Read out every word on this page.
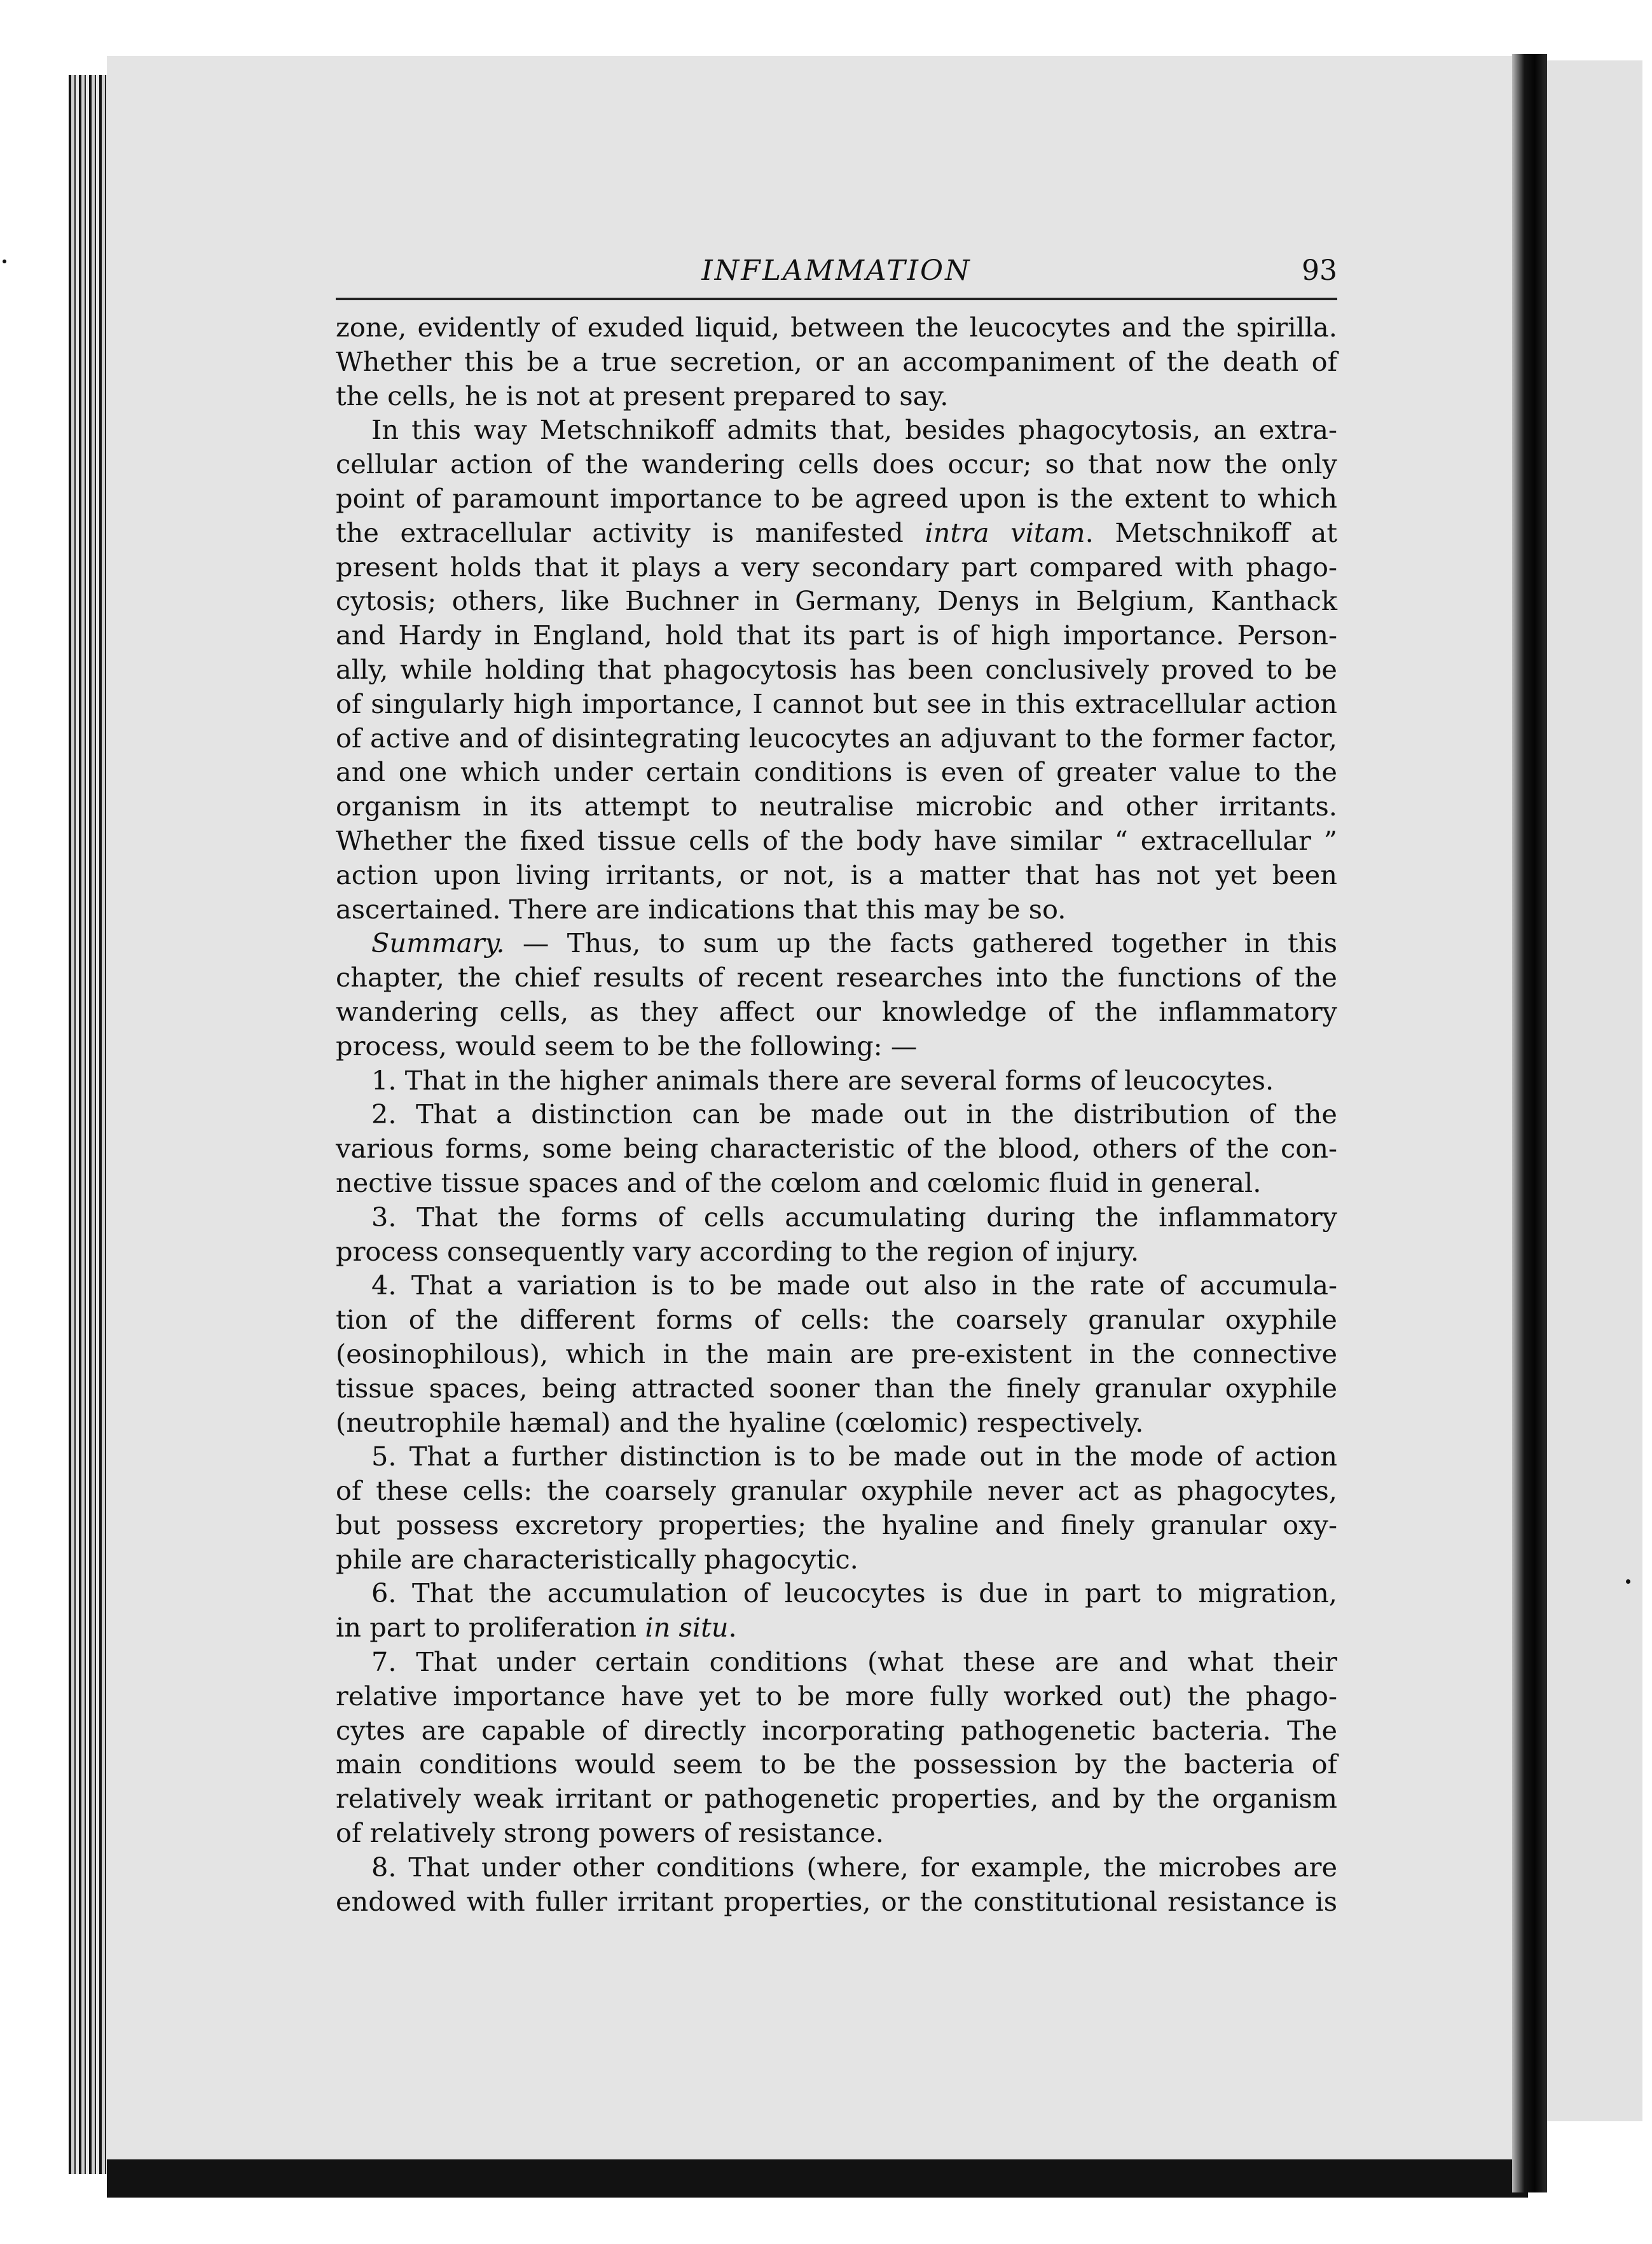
INFLAMMATION	93
zone, evidently of exuded liquid, between the leucocytes and the spirilla.
Whether this be a true secretion, or an accompaniment of the death of
the cells, he is not at present prepared to say.
In this way Metschnikoff admits that, besides phagocytosis, an extra-
cellular action of the wandering cells does occur; so that now the only
point of paramount importance to be agreed upon is the extent to which
the extracellular activity is manifested intra vitam. Metschnikoff at
present holds that it plays a very secondary part compared with phago-
cytosis; others, like Buchner in Germany, Denys in Belgium, Kanthack
and Hardy in England, hold that its part is of high importance. Person-
ally, while holding that phagocytosis has been conclusively proved to be
of singularly high importance, I cannot but see in this extracellular action
of active and of disintegrating leucocytes an adjuvant to the former factor,
and one which under certain conditions is even of greater value to the
organism in its attempt to neutralise microbic and other irritants.
Whether the fixed tissue cells of the body have similar “ extracellular ”
action upon living irritants, or not, is a matter that has not yet been
ascertained. There are indications that this may be so.
Summary. — Thus, to sum up the facts gathered together in this
chapter, the chief results of recent researches into the functions of the
wandering cells, as they affect our knowledge of the inflammatory
process, would seem to be the following: —
1. That in the higher animals there are several forms of leucocytes.
2. That a distinction can be made out in the distribution of the
various forms, some being characteristic of the blood, others of the con-
nective tissue spaces and of the cœlom and cœlomic fluid in general.
3. That the forms of cells accumulating during the inflammatory
process consequently vary according to the region of injury.
4. That a variation is to be made out also in the rate of accumula-
tion of the different forms of cells: the coarsely granular oxyphile
(eosinophilous), which in the main are pre-existent in the connective
tissue spaces, being attracted sooner than the finely granular oxyphile
(neutrophile hæmal) and the hyaline (cœlomic) respectively.
5. That a further distinction is to be made out in the mode of action
of these cells: the coarsely granular oxyphile never act as phagocytes,
but possess excretory properties; the hyaline and finely granular oxy-
phile are characteristically phagocytic.
6. That the accumulation of leucocytes is due in part to migration,
in part to proliferation in situ.
7. That under certain conditions (what these are and what their
relative importance have yet to be more fully worked out) the phago-
cytes are capable of directly incorporating pathogenetic bacteria. The
main conditions would seem to be the possession by the bacteria of
relatively weak irritant or pathogenetic properties, and by the organism
of relatively strong powers of resistance.
8. That under other conditions (where, for example, the microbes are
endowed with fuller irritant properties, or the constitutional resistance is
